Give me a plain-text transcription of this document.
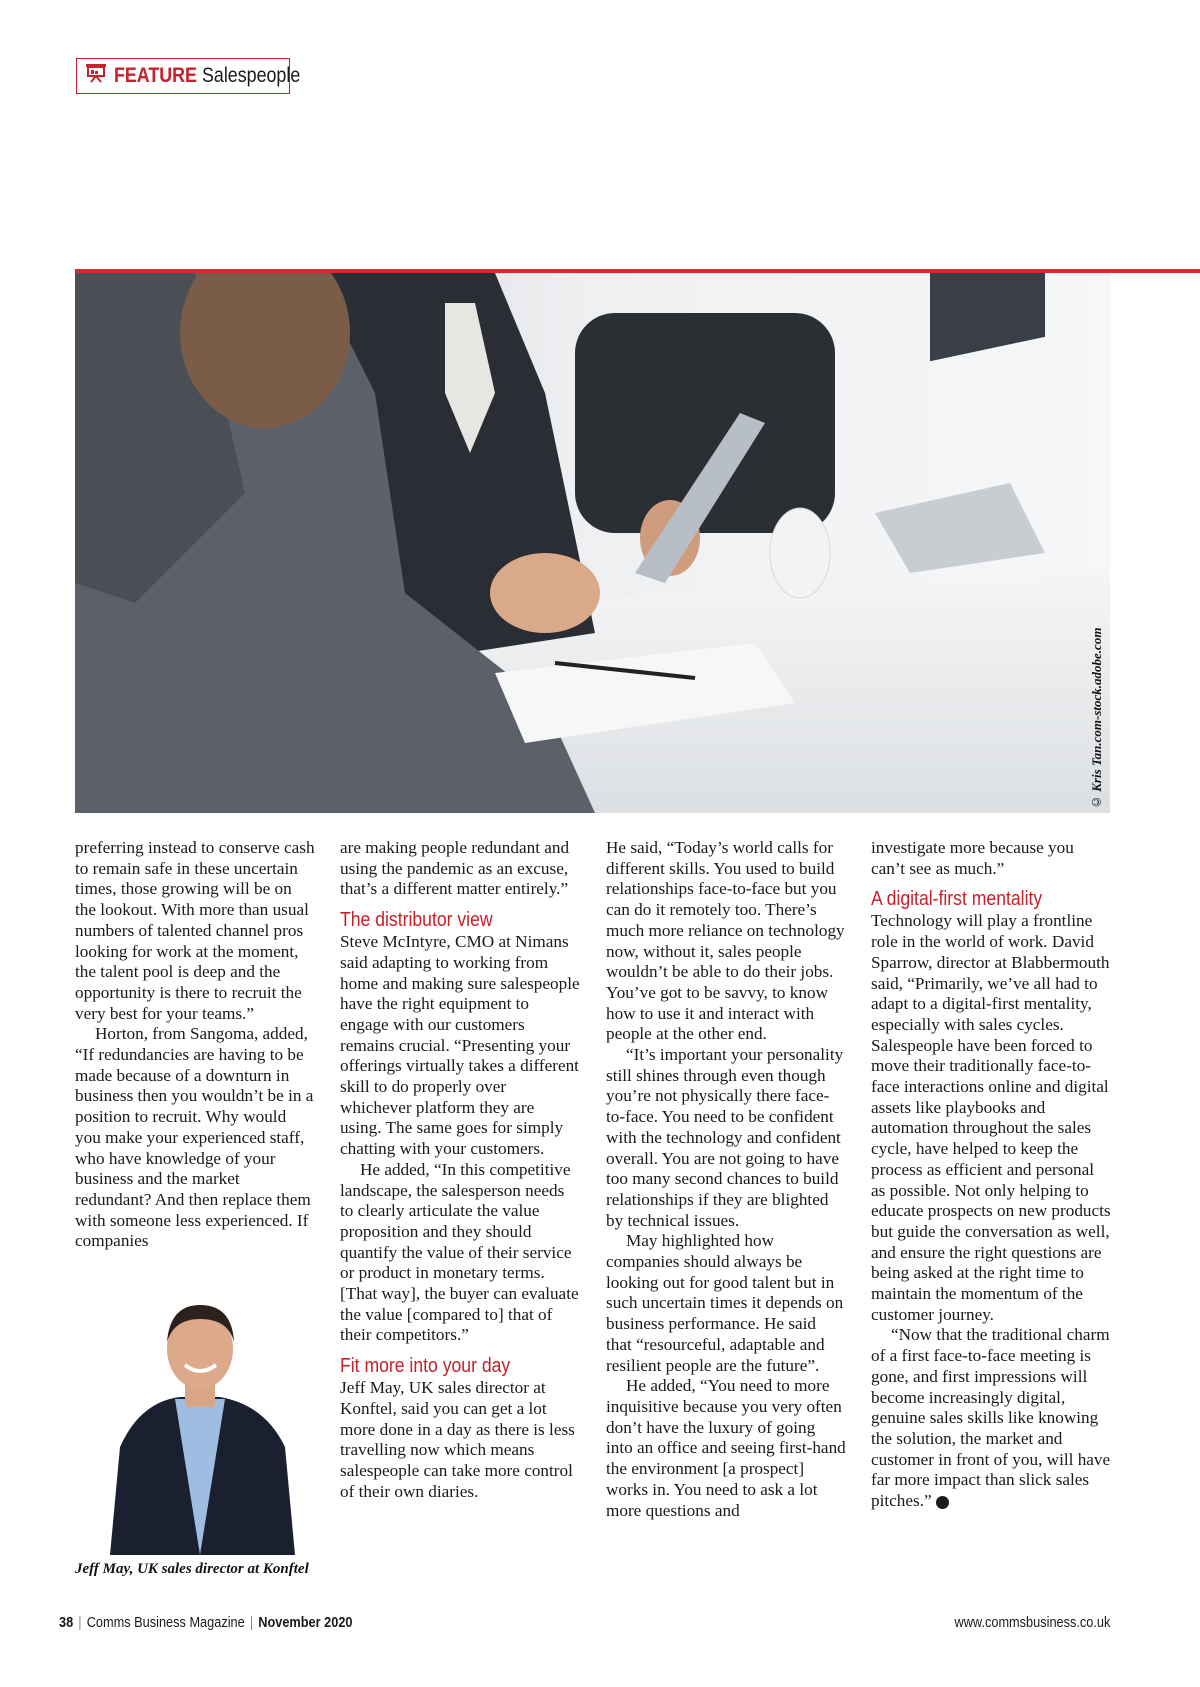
FEATURE Salespeople
© Kris Tan.com-stock.adobe.com

preferring instead to conserve cash to remain safe in these uncertain times, those growing will be on the lookout. With more than usual numbers of talented channel pros looking for work at the moment, the talent pool is deep and the opportunity is there to recruit the very best for your teams.”

Horton, from Sangoma, added, “If redundancies are having to be made because of a downturn in business then you wouldn’t be in a position to recruit. Why would you make your experienced staff, who have knowledge of your business and the market redundant? And then replace them with someone less experienced. If companies

Jeff May, UK sales director at Konftel

are making people redundant and using the pandemic as an excuse, that’s a different matter entirely.”

The distributor view

Steve McIntyre, CMO at Nimans said adapting to working from home and making sure salespeople have the right equipment to engage with our customers remains crucial. “Presenting your offerings virtually takes a different skill to do properly over whichever platform they are using. The same goes for simply chatting with your customers.

He added, “In this competitive landscape, the salesperson needs to clearly articulate the value proposition and they should quantify the value of their service or product in monetary terms. [That way], the buyer can evaluate the value [compared to] that of their competitors.”

Fit more into your day

Jeff May, UK sales director at Konftel, said you can get a lot more done in a day as there is less travelling now which means salespeople can take more control of their own diaries.

He said, “Today’s world calls for different skills. You used to build relationships face-to-face but you can do it remotely too. There’s much more reliance on technology now, without it, sales people wouldn’t be able to do their jobs. You’ve got to be savvy, to know how to use it and interact with people at the other end.

“It’s important your personality still shines through even though you’re not physically there face-to-face. You need to be confident with the technology and confident overall. You are not going to have too many second chances to build relationships if they are blighted by technical issues.

May highlighted how companies should always be looking out for good talent but in such uncertain times it depends on business performance. He said that “resourceful, adaptable and resilient people are the future”.

He added, “You need to more inquisitive because you very often don’t have the luxury of going into an office and seeing first-hand the environment [a prospect] works in. You need to ask a lot more questions and

investigate more because you can’t see as much.”

A digital-first mentality

Technology will play a frontline role in the world of work. David Sparrow, director at Blabbermouth said, “Primarily, we’ve all had to adapt to a digital-first mentality, especially with sales cycles. Salespeople have been forced to move their traditionally face-to-face interactions online and digital assets like playbooks and automation throughout the sales cycle, have helped to keep the process as efficient and personal as possible. Not only helping to educate prospects on new products but guide the conversation as well, and ensure the right questions are being asked at the right time to maintain the momentum of the customer journey.

“Now that the traditional charm of a first face-to-face meeting is gone, and first impressions will become increasingly digital, genuine sales skills like knowing the solution, the market and customer in front of you, will have far more impact than slick sales pitches.”	CB

38 | Comms Business Magazine | November 2020	www.commsbusiness.co.uk
